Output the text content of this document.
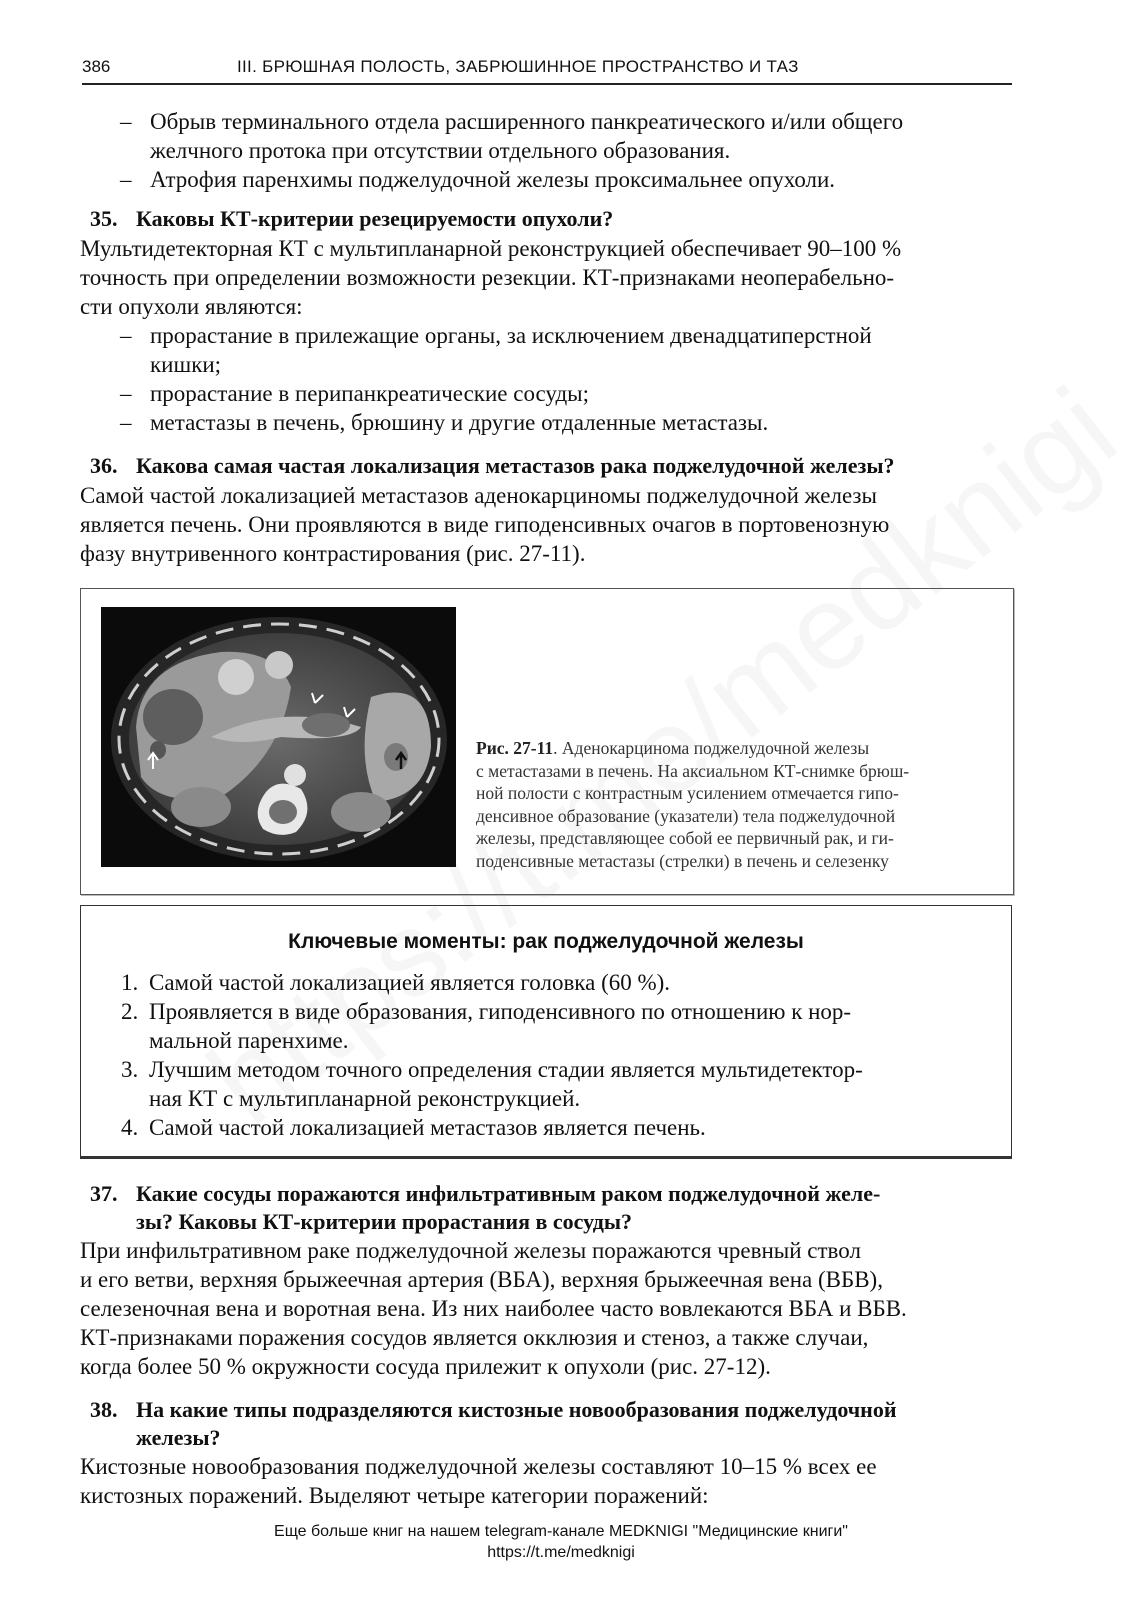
386	III. БРЮШНАЯ ПОЛОСТЬ, ЗАБРЮШИННОЕ ПРОСТРАНСТВО И ТАЗ
– Обрыв терминального отдела расширенного панкреатического и/или общего
желчного протока при отсутствии отдельного образования.
– Атрофия паренхимы поджелудочной железы проксимальнее опухоли.
35. Каковы КТ-критерии резецируемости опухоли?
Мультидетекторная КТ с мультипланарной реконструкцией обеспечивает 90–100 %
точность при определении возможности резекции. КТ-признаками неоперабельно-
сти опухоли являются:
– прорастание в прилежащие органы, за исключением двенадцатиперстной
кишки;
– прорастание в перипанкреатические сосуды;
– метастазы в печень, брюшину и другие отдаленные метастазы.
36. Какова самая частая локализация метастазов рака поджелудочной железы?
Самой частой локализацией метастазов аденокарциномы поджелудочной железы
является печень. Они проявляются в виде гиподенсивных очагов в портовенозную
фазу внутривенного контрастирования (рис. 27-11).
Рис. 27-11. Аденокарцинома поджелудочной железы
с метастазами в печень. На аксиальном КТ-снимке брюш-
ной полости с контрастным усилением отмечается гипо-
денсивное образование (указатели) тела поджелудочной
железы, представляющее собой ее первичный рак, и ги-
поденсивные метастазы (стрелки) в печень и селезенку
Ключевые моменты: рак поджелудочной железы
1. Самой частой локализацией является головка (60 %).
2. Проявляется в виде образования, гиподенсивного по отношению к нор-
мальной паренхиме.
3. Лучшим методом точного определения стадии является мультидетектор-
ная КТ с мультипланарной реконструкцией.
4. Самой частой локализацией метастазов является печень.
37. Какие сосуды поражаются инфильтративным раком поджелудочной желе-
зы? Каковы КТ-критерии прорастания в сосуды?
При инфильтративном раке поджелудочной железы поражаются чревный ствол
и его ветви, верхняя брыжеечная артерия (ВБА), верхняя брыжеечная вена (ВБВ),
селезеночная вена и воротная вена. Из них наиболее часто вовлекаются ВБА и ВБВ.
КТ-признаками поражения сосудов является окклюзия и стеноз, а также случаи,
когда более 50 % окружности сосуда прилежит к опухоли (рис. 27-12).
38. На какие типы подразделяются кистозные новообразования поджелудочной
железы?
Кистозные новообразования поджелудочной железы составляют 10–15 % всех ее
кистозных поражений. Выделяют четыре категории поражений:
Еще больше книг на нашем telegram-канале MEDKNIGI "Медицинские книги"
https://t.me/medknigi
